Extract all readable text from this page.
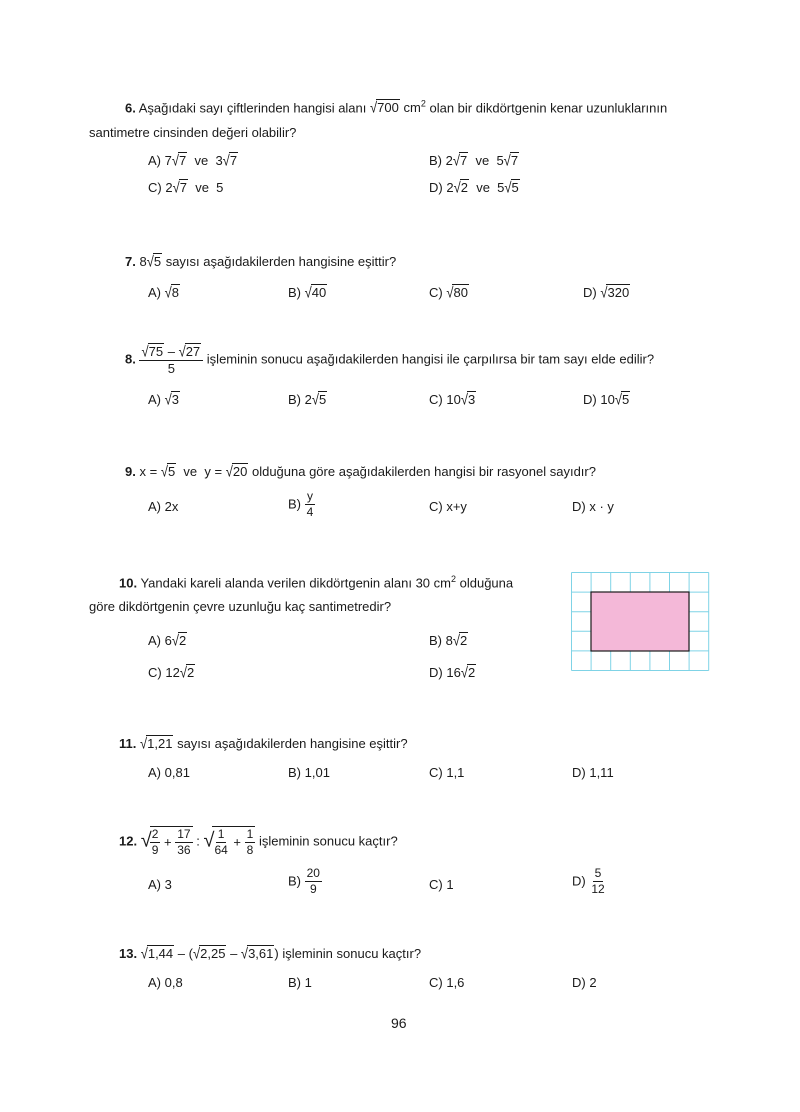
6. Aşağıdaki sayı çiftlerinden hangisi alanı √700 $cm^2$ olan bir dikdörtgenin kenar uzunluklarının
santimetre cinsinden değeri olabilir?
A) 7√7 ve 3√7	B) 2√7 ve 5√7
C) 2√7 ve 5	D) 2√2 ve 5√5
7. 8√5 sayısı aşağıdakilerden hangisine eşittir?
A) √8	B) √40	C) √80	D) √320
8. $\frac{√75 - √27}{5}$ işleminin sonucu aşağıdakilerden hangisi ile çarpılırsa bir tam sayı elde edilir?
A) √3	B) 2√5	C) 10√3	D) 10√5
9. x = √5 ve y = √20 olduğuna göre aşağıdakilerden hangisi bir rasyonel sayıdır?
A) 2x	$B) \frac{y}{4}$	C) x+y	D) x · y
10. Yandaki kareli alanda verilen dikdörtgenin alanı 30 $cm^2$ olduğuna
göre dikdörtgenin çevre uzunluğu kaç santimetredir?
A) 6√2	B) 8√2
C) 12√2	D) 16√2
11. √1,21 sayısı aşağıdakilerden hangisine eşittir?
A) 0,81	B) 1,01	C) 1,1	D) 1,11
12. √
$\frac{2}{9} + \frac{17}{36}$ : √
$\frac{1}{64} + \frac{1}{8}$ işleminin sonucu kaçtır?
A) 3	$B) \frac{20}{9}$	C) 1	$D) \frac{5}{12}$
13. √1,44 – (√2,25 – √3,61) işleminin sonucu kaçtır?
A) 0,8	B) 1	C) 1,6	D) 2
96
